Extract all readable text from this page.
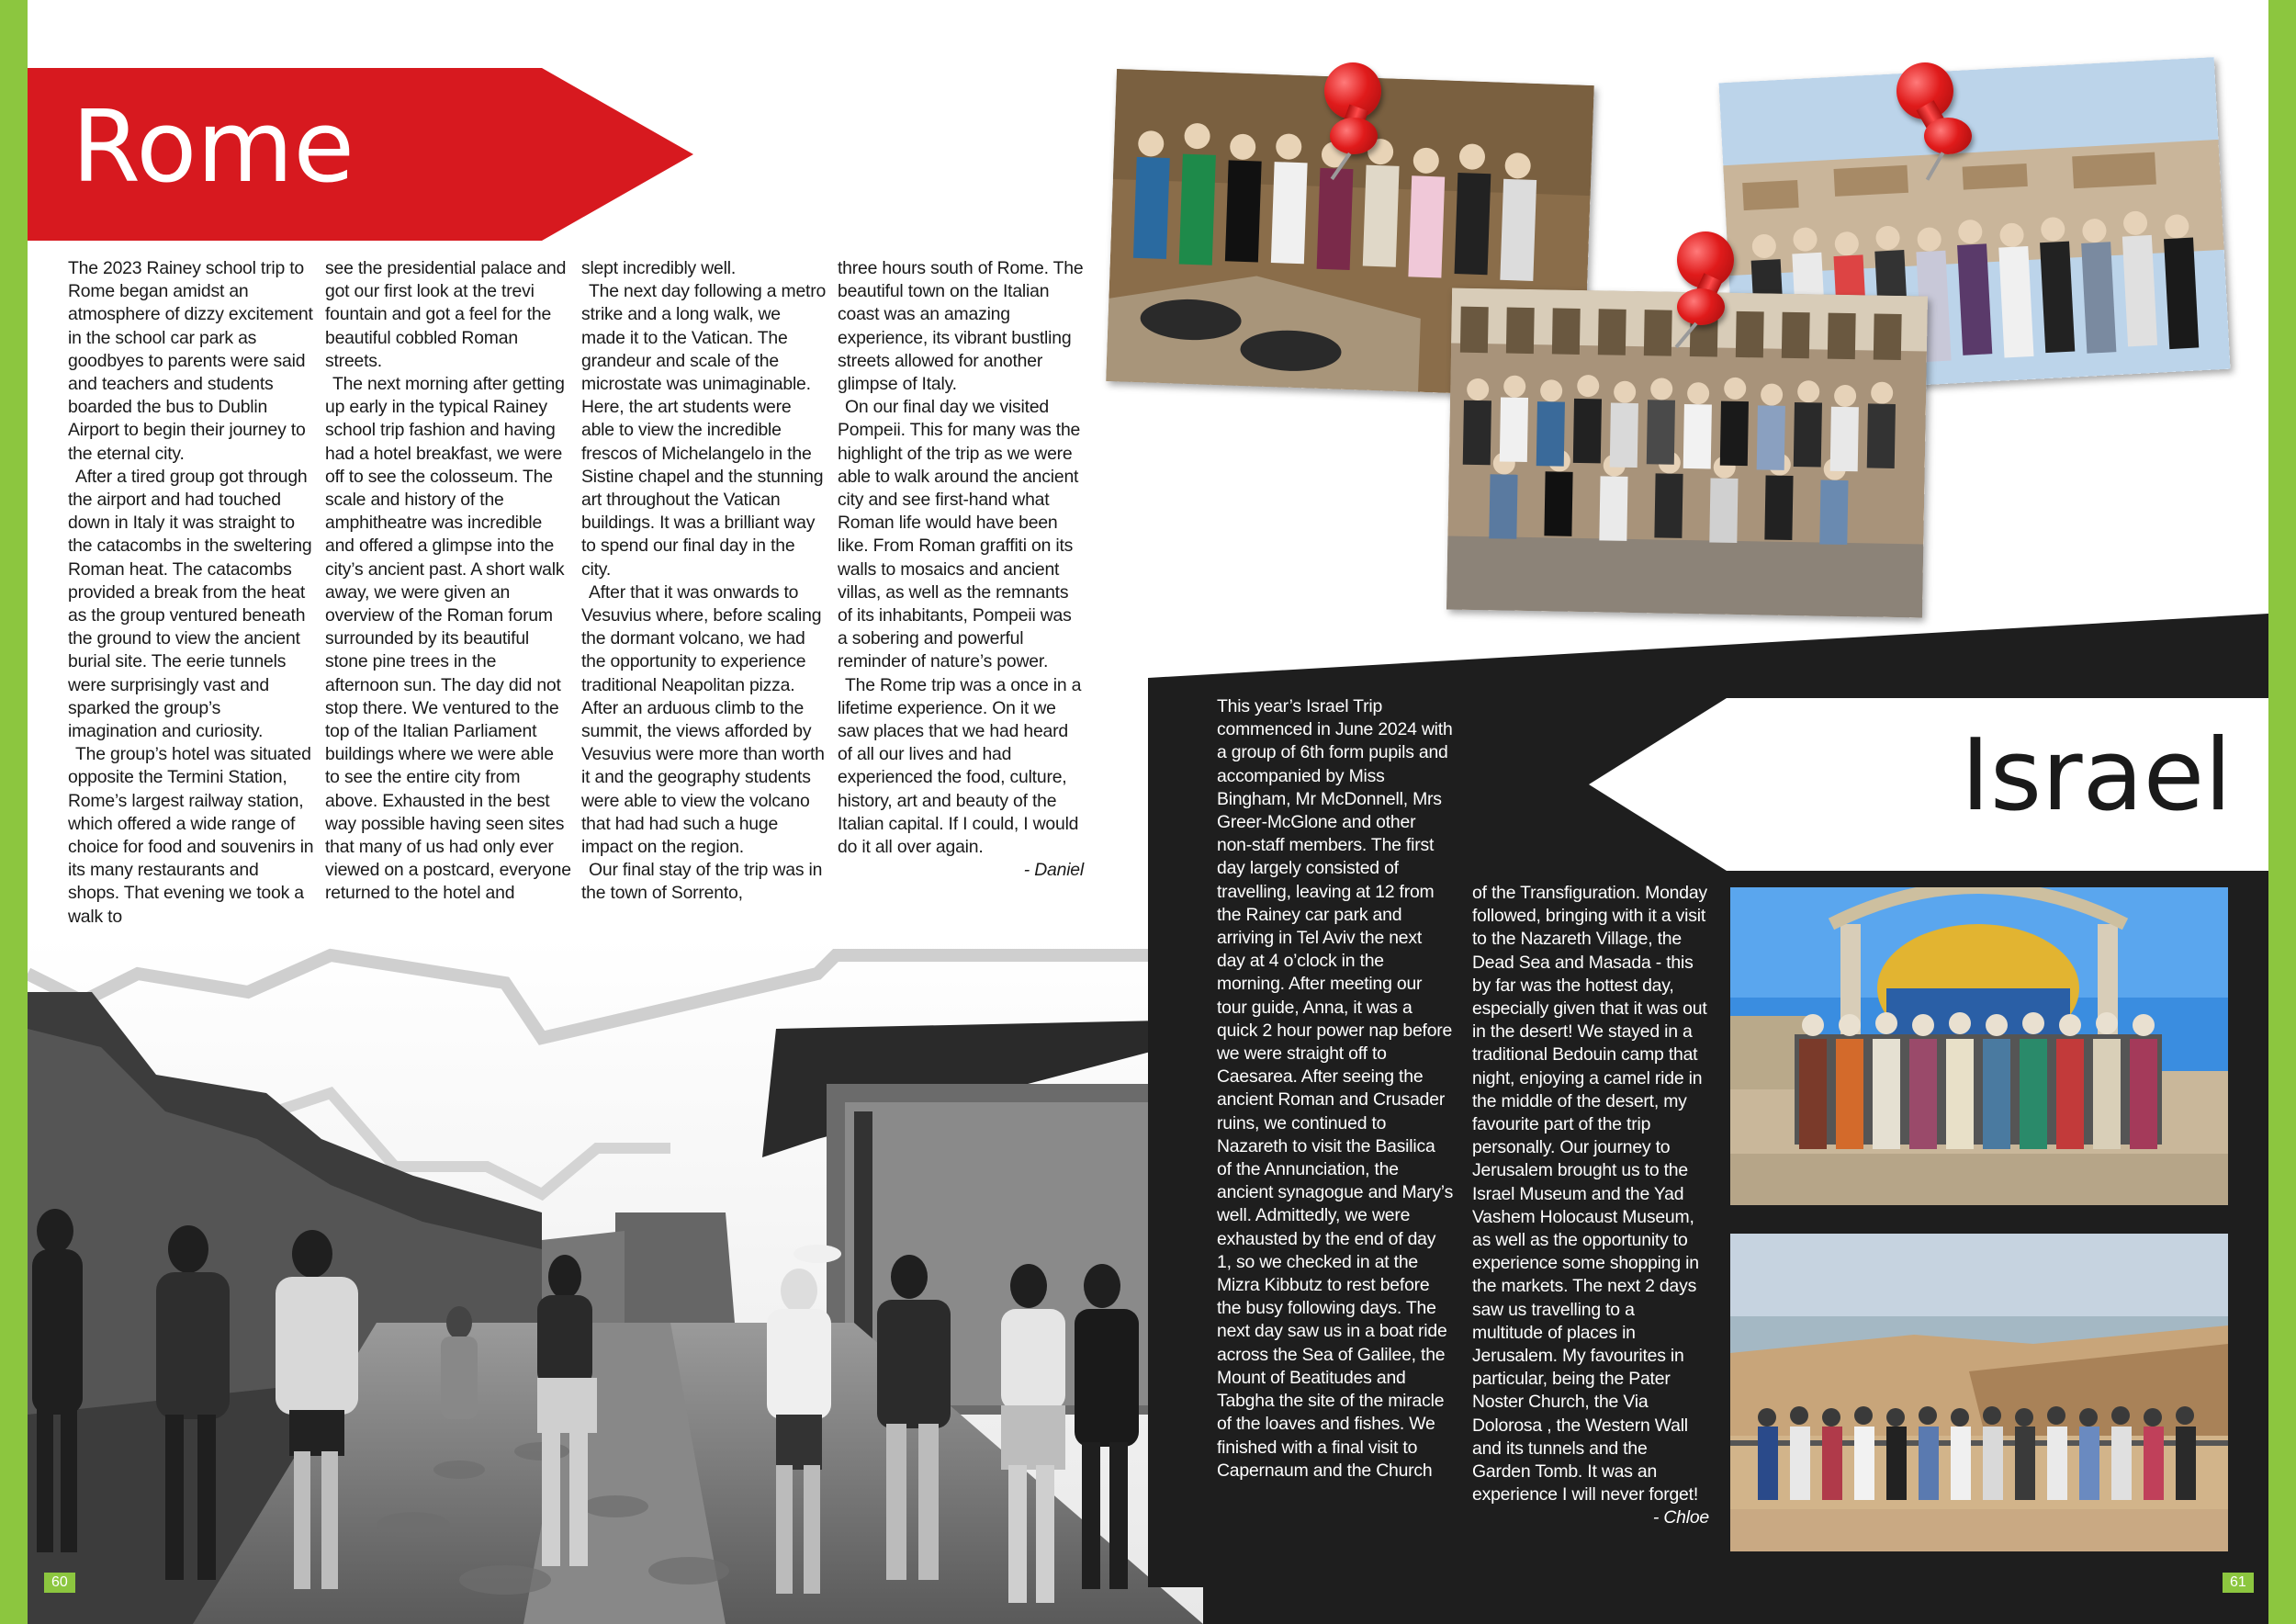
Rome

The 2023 Rainey school trip to Rome began amidst an atmosphere of dizzy excitement in the school car park as goodbyes to parents were said and teachers and students boarded the bus to Dublin Airport to begin their journey to the eternal city.

After a tired group got through the airport and had touched down in Italy it was straight to the catacombs in the sweltering Roman heat. The catacombs provided a break from the heat as the group ventured beneath the ground to view the ancient burial site. The eerie tunnels were surprisingly vast and sparked the group’s imagination and curiosity.

The group’s hotel was situated opposite the Termini Station, Rome’s largest railway station, which offered a wide range of choice for food and souvenirs in its many restaurants and shops. That evening we took a walk to

see the presidential palace and got our first look at the trevi fountain and got a feel for the beautiful cobbled Roman streets.

The next morning after getting up early in the typical Rainey school trip fashion and having had a hotel breakfast, we were off to see the colosseum. The scale and history of the amphitheatre was incredible and offered a glimpse into the city’s ancient past. A short walk away, we were given an overview of the Roman forum surrounded by its beautiful stone pine trees in the afternoon sun. The day did not stop there. We ventured to the top of the Italian Parliament buildings where we were able to see the entire city from above. Exhausted in the best way possible having seen sites that many of us had only ever viewed on a postcard, everyone returned to the hotel and

slept incredibly well.

The next day following a metro strike and a long walk, we made it to the Vatican. The grandeur and scale of the microstate was unimaginable. Here, the art students were able to view the incredible frescos of Michelangelo in the Sistine chapel and the stunning art throughout the Vatican buildings. It was a brilliant way to spend our final day in the city.

After that it was onwards to Vesuvius where, before scaling the dormant volcano, we had the opportunity to experience traditional Neapolitan pizza. After an arduous climb to the summit, the views afforded by Vesuvius were more than worth it and the geography students were able to view the volcano that had had such a huge impact on the region.

Our final stay of the trip was in the town of Sorrento,

three hours south of Rome. The beautiful town on the Italian coast was an amazing experience, its vibrant bustling streets allowed for another glimpse of Italy.

On our final day we visited Pompeii. This for many was the highlight of the trip as we were able to walk around the ancient city and see first-hand what Roman life would have been like. From Roman graffiti on its walls to mosaics and ancient villas, as well as the remnants of its inhabitants, Pompeii was a sobering and powerful reminder of nature’s power.

The Rome trip was a once in a lifetime experience. On it we saw places that we had heard of all our lives and had experienced the food, culture, history, art and beauty of the Italian capital. If I could, I would do it all over again.

- Daniel

60
Israel

This year’s Israel Trip commenced in June 2024 with a group of 6th form pupils and accompanied by Miss Bingham, Mr McDonnell, Mrs Greer-McGlone and other non-staff members. The first day largely consisted of travelling, leaving at 12 from the Rainey car park and arriving in Tel Aviv the next day at 4 o’clock in the morning. After meeting our tour guide, Anna, it was a quick 2 hour power nap before we were straight off to Caesarea. After seeing the ancient Roman and Crusader ruins, we continued to Nazareth to visit the Basilica of the Annunciation, the ancient synagogue and Mary’s well. Admittedly, we were exhausted by the end of day 1, so we checked in at the Mizra Kibbutz to rest before the busy following days. The next day saw us in a boat ride across the Sea of Galilee, the Mount of Beatitudes and Tabgha the site of the miracle of the loaves and fishes. We finished with a final visit to Capernaum and the Church

of the Transfiguration. Monday followed, bringing with it a visit to the Nazareth Village, the Dead Sea and Masada - this by far was the hottest day, especially given that it was out in the desert! We stayed in a traditional Bedouin camp that night, enjoying a camel ride in the middle of the desert, my favourite part of the trip personally. Our journey to Jerusalem brought us to the Israel Museum and the Yad Vashem Holocaust Museum, as well as the opportunity to experience some shopping in the markets. The next 2 days saw us travelling to a multitude of places in Jerusalem. My favourites in particular, being the Pater Noster Church, the Via Dolorosa , the Western Wall and its tunnels and the Garden Tomb. It was an experience I will never forget!

- Chloe

61
